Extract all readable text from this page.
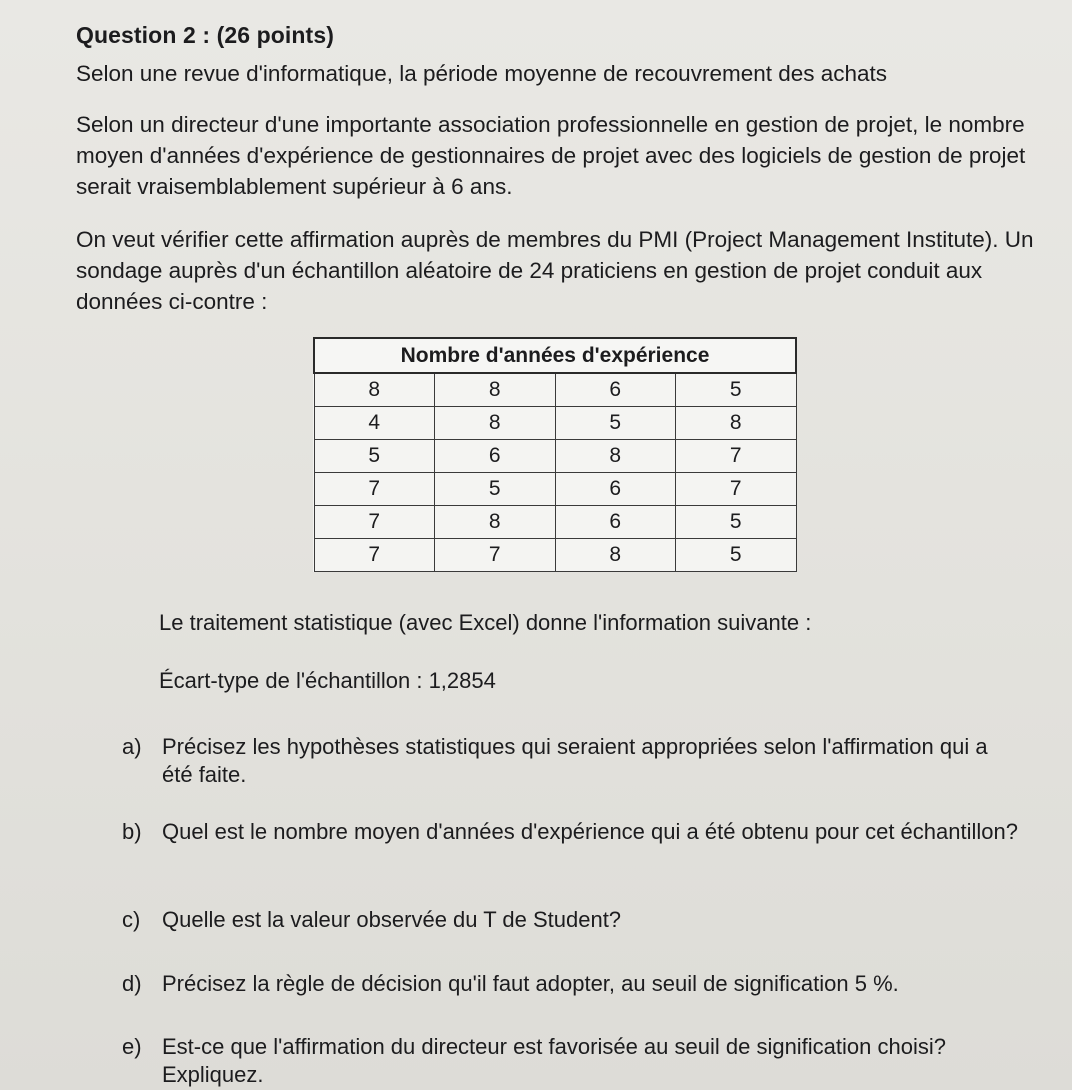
Question 2 : (26 points)
Selon une revue d'informatique, la période moyenne de recouvrement des achats
Selon un directeur d'une importante association professionnelle en gestion de projet, le nombre moyen d'années d'expérience de gestionnaires de projet avec des logiciels de gestion de projet serait vraisemblablement supérieur à 6 ans.
On veut vérifier cette affirmation auprès de membres du PMI (Project Management Institute). Un sondage auprès d'un échantillon aléatoire de 24 praticiens en gestion de projet conduit aux données ci-contre :
Nombre d'années d'expérience			
8	8	6	5
4	8	5	8
5	6	8	7
7	5	6	7
7	8	6	5
7	7	8	5
Le traitement statistique (avec Excel) donne l'information suivante :
Écart-type de l'échantillon : 1,2854
a) Précisez les hypothèses statistiques qui seraient appropriées selon l'affirmation qui a été faite.
b) Quel est le nombre moyen d'années d'expérience qui a été obtenu pour cet échantillon?
c) Quelle est la valeur observée du T de Student?
d) Précisez la règle de décision qu'il faut adopter, au seuil de signification 5 %.
e) Est-ce que l'affirmation du directeur est favorisée au seuil de signification choisi? Expliquez.
